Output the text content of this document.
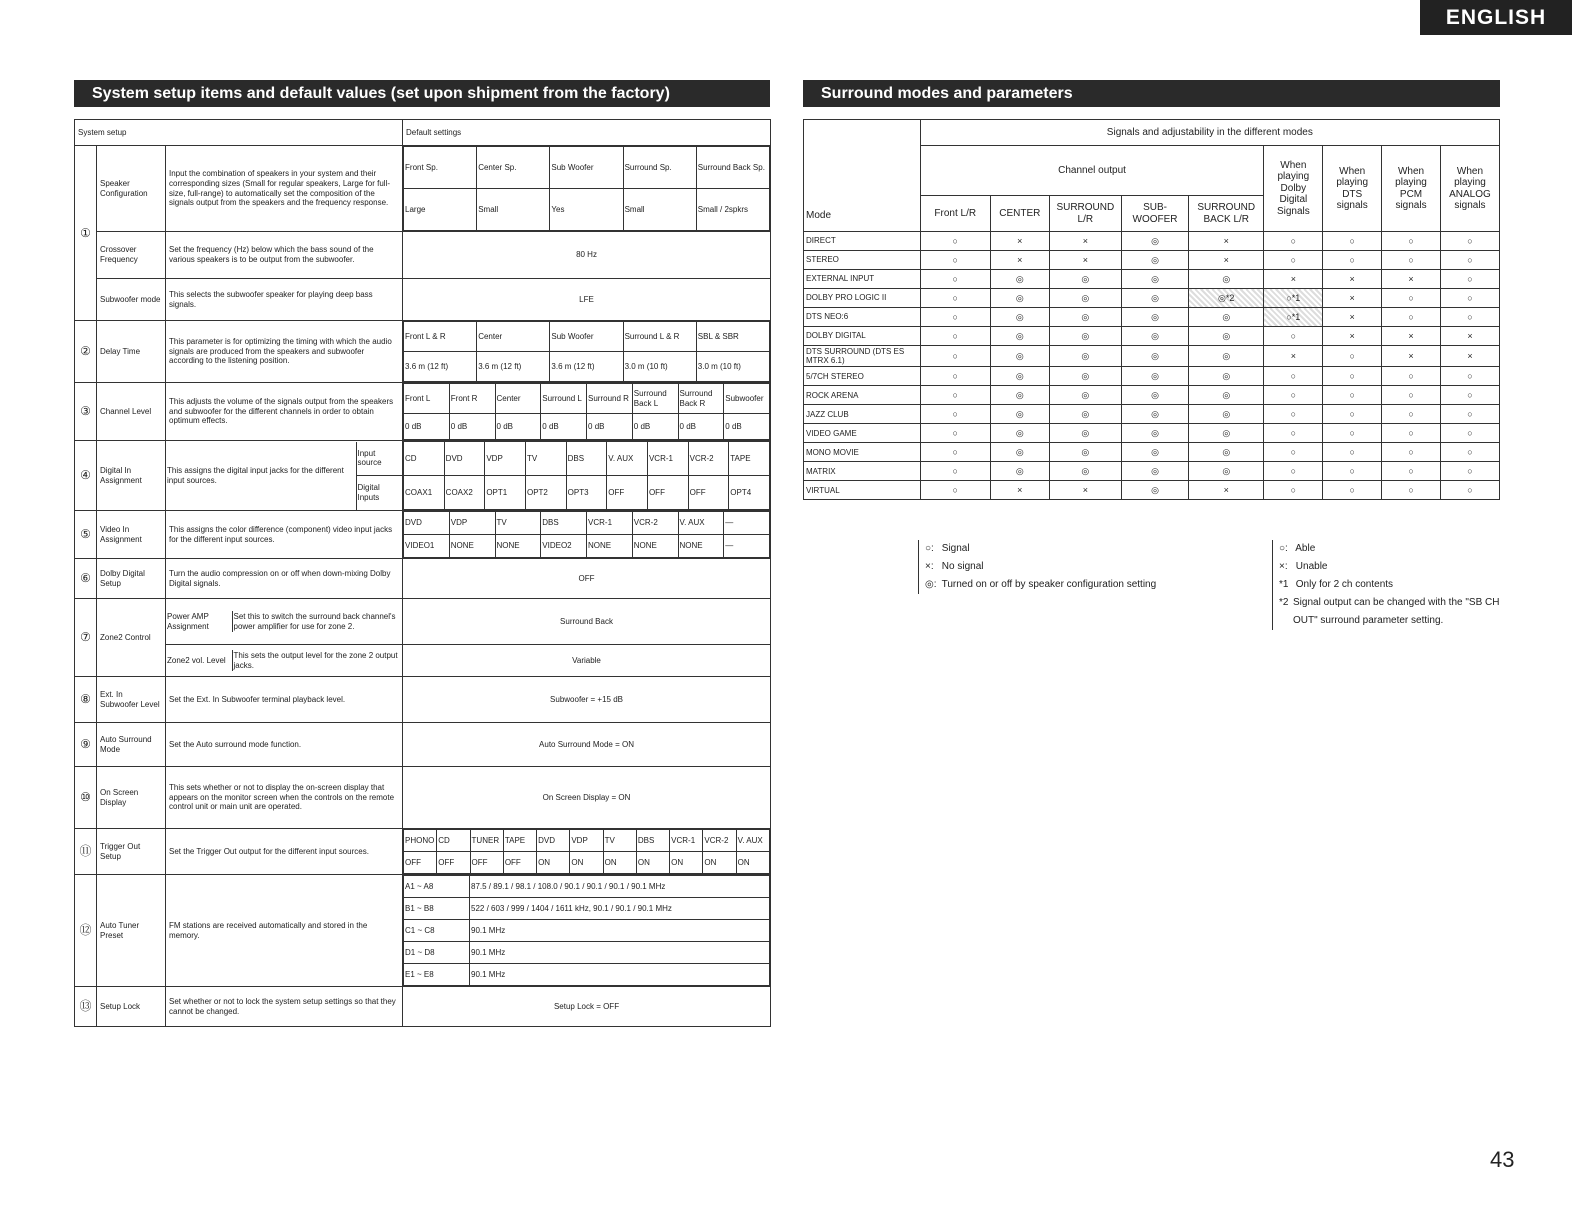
ENGLISH
System setup items and default values (set upon shipment from the factory)	Surround modes and parameters
System setup	Default settings
①	Speaker Configuration	Input the combination of speakers in your system and their corresponding sizes (Small for regular speakers, Large for full-size, full-range) to automatically set the composition of the signals output from the speakers and the frequency response.	
Front Sp.	Center Sp.	Sub Woofer	Surround Sp.	Surround Back Sp.
Large	Small	Yes	Small	Small / 2spkrs

Crossover Frequency	Set the frequency (Hz) below which the bass sound of the various speakers is to be output from the subwoofer.	80 Hz
Subwoofer mode	This selects the subwoofer speaker for playing deep bass signals.	LFE
②	Delay Time	This parameter is for optimizing the timing with which the audio signals are produced from the speakers and subwoofer according to the listening position.	
Front L & R	Center	Sub Woofer	Surround L & R	SBL & SBR
3.6 m (12 ft)	3.6 m (12 ft)	3.6 m (12 ft)	3.0 m (10 ft)	3.0 m (10 ft)

③	Channel Level	This adjusts the volume of the signals output from the speakers and subwoofer for the different channels in order to obtain optimum effects.	
Front L	Front R	Center	Surround L	Surround R	Surround Back L	Surround Back R	Subwoofer
0 dB	0 dB	0 dB	0 dB	0 dB	0 dB	0 dB	0 dB

④	Digital In Assignment	
This assigns the digital input jacks for the different input sources.	Input source
Digital Inputs

CD	DVD	VDP	TV	DBS	V. AUX	VCR-1	VCR-2	TAPE
COAX1	COAX2	OPT1	OPT2	OPT3	OFF	OFF	OFF	OPT4

⑤	Video In Assignment	This assigns the color difference (component) video input jacks for the different input sources.	
DVD	VDP	TV	DBS	VCR-1	VCR-2	V. AUX	—
VIDEO1	NONE	NONE	VIDEO2	NONE	NONE	NONE	—

⑥	Dolby Digital Setup	Turn the audio compression on or off when down-mixing Dolby Digital signals.	OFF
⑦	Zone2 Control	
Power AMP Assignment	Set this to switch the surround back channel's power amplifier for use for zone 2.
	Surround Back

Zone2 vol. Level	This sets the output level for the zone 2 output jacks.
	Variable
⑧	Ext. In Subwoofer Level	Set the Ext. In Subwoofer terminal playback level.	Subwoofer = +15 dB
⑨	Auto Surround Mode	Set the Auto surround mode function.	Auto Surround Mode = ON
⑩	On Screen Display	This sets whether or not to display the on-screen display that appears on the monitor screen when the controls on the remote control unit or main unit are operated.	On Screen Display = ON
⑪	Trigger Out Setup	Set the Trigger Out output for the different input sources.	
PHONO	CD	TUNER	TAPE	DVD	VDP	TV	DBS	VCR-1	VCR-2	V. AUX
OFF	OFF	OFF	OFF	ON	ON	ON	ON	ON	ON	ON

⑫	Auto Tuner Preset	FM stations are received automatically and stored in the memory.	
A1 ~ A8	87.5 / 89.1 / 98.1 / 108.0 / 90.1 / 90.1 / 90.1 / 90.1 MHz
B1 ~ B8	522 / 603 / 999 / 1404 / 1611 kHz, 90.1 / 90.1 / 90.1 MHz
C1 ~ C8	90.1 MHz
D1 ~ D8	90.1 MHz
E1 ~ E8	90.1 MHz

⑬	Setup Lock	Set whether or not to lock the system setup settings so that they cannot be changed.	Setup Lock = OFF
Mode	Signals and adjustability in the different modes								
	Channel output					When playing Dolby Digital Signals	When playing DTS signals	When playing PCM signals	When playing ANALOG signals
	Front L/R	CENTER	SURROUND L/R	SUB-WOOFER	SURROUND BACK L/R				
DIRECT	○	×	×	◎	×	○	○	○	○
STEREO	○	×	×	◎	×	○	○	○	○
EXTERNAL INPUT	○	◎	◎	◎	◎	×	×	×	○
DOLBY PRO LOGIC II	○	◎	◎	◎	◎*2	○*1	×	○	○
DTS NEO:6	○	◎	◎	◎	◎	○*1	×	○	○
DOLBY DIGITAL	○	◎	◎	◎	◎	○	×	×	×
DTS SURROUND (DTS ES MTRX 6.1)	○	◎	◎	◎	◎	×	○	×	×
5/7CH STEREO	○	◎	◎	◎	◎	○	○	○	○
ROCK ARENA	○	◎	◎	◎	◎	○	○	○	○
JAZZ CLUB	○	◎	◎	◎	◎	○	○	○	○
VIDEO GAME	○	◎	◎	◎	◎	○	○	○	○
MONO MOVIE	○	◎	◎	◎	◎	○	○	○	○
MATRIX	○	◎	◎	◎	◎	○	○	○	○
VIRTUAL	○	×	×	◎	×	○	○	○	○
○: Signal
×: No signal
◎: Turned on or off by speaker configuration setting
○: Able
×: Unable
*1 Only for 2 ch contents
*2 Signal output can be changed with the "SB CH OUT" surround parameter setting.
43
